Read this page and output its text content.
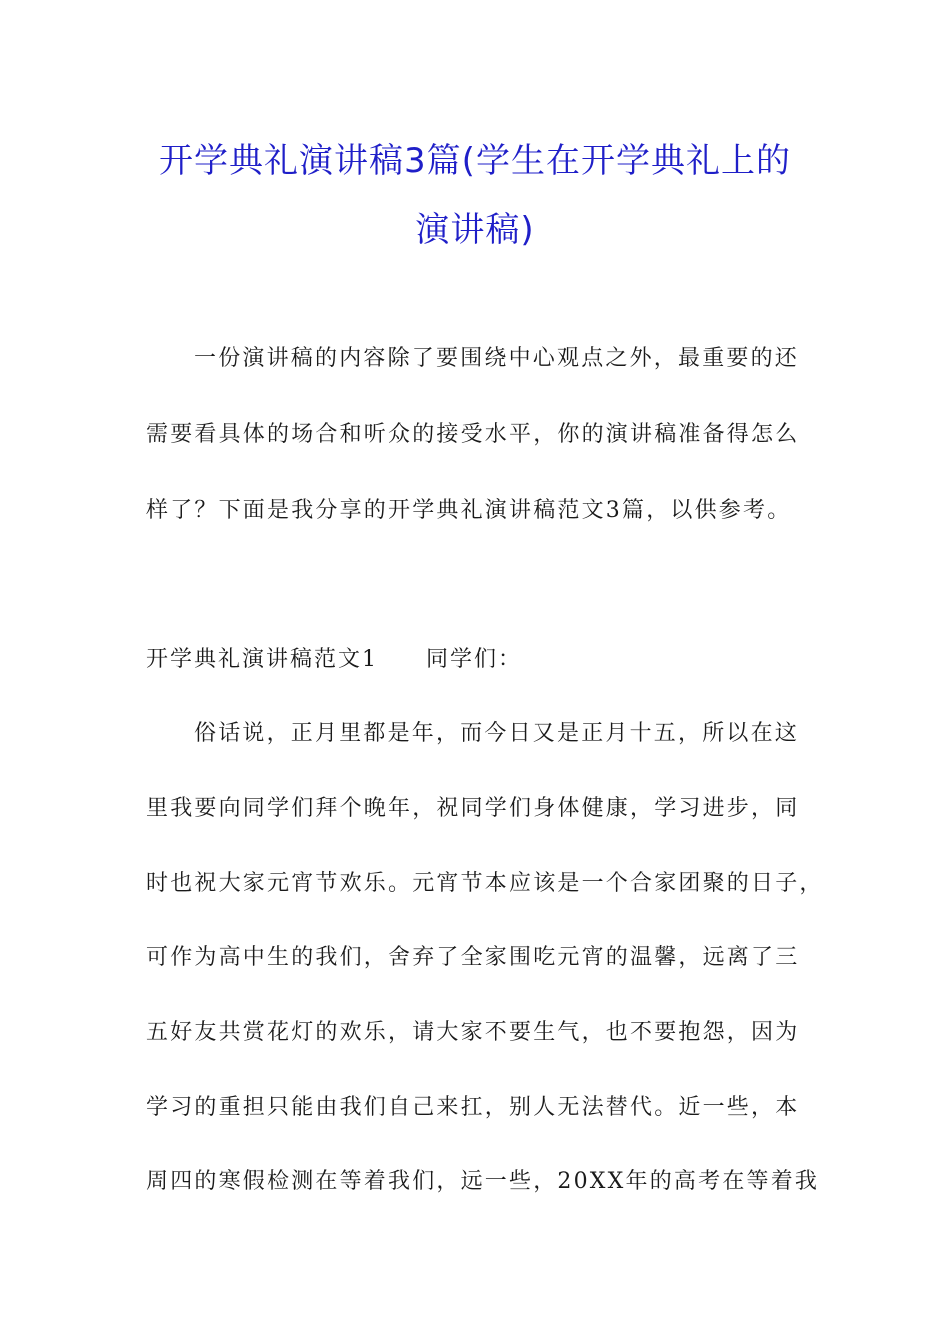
开学典礼演讲稿3篇(学生在开学典礼上的
演讲稿)

一份演讲稿的内容除了要围绕中心观点之外，最重要的还

需要看具体的场合和听众的接受水平，你的演讲稿准备得怎么

样了？下面是我分享的开学典礼演讲稿范文3篇，以供参考。

开学典礼演讲稿范文1 同学们：

俗话说，正月里都是年，而今日又是正月十五，所以在这

里我要向同学们拜个晚年，祝同学们身体健康，学习进步，同

时也祝大家元宵节欢乐。元宵节本应该是一个合家团聚的日子，

可作为高中生的我们，舍弃了全家围吃元宵的温馨，远离了三

五好友共赏花灯的欢乐，请大家不要生气，也不要抱怨，因为

学习的重担只能由我们自己来扛，别人无法替代。近一些，本

周四的寒假检测在等着我们，远一些，20XX年的高考在等着我
